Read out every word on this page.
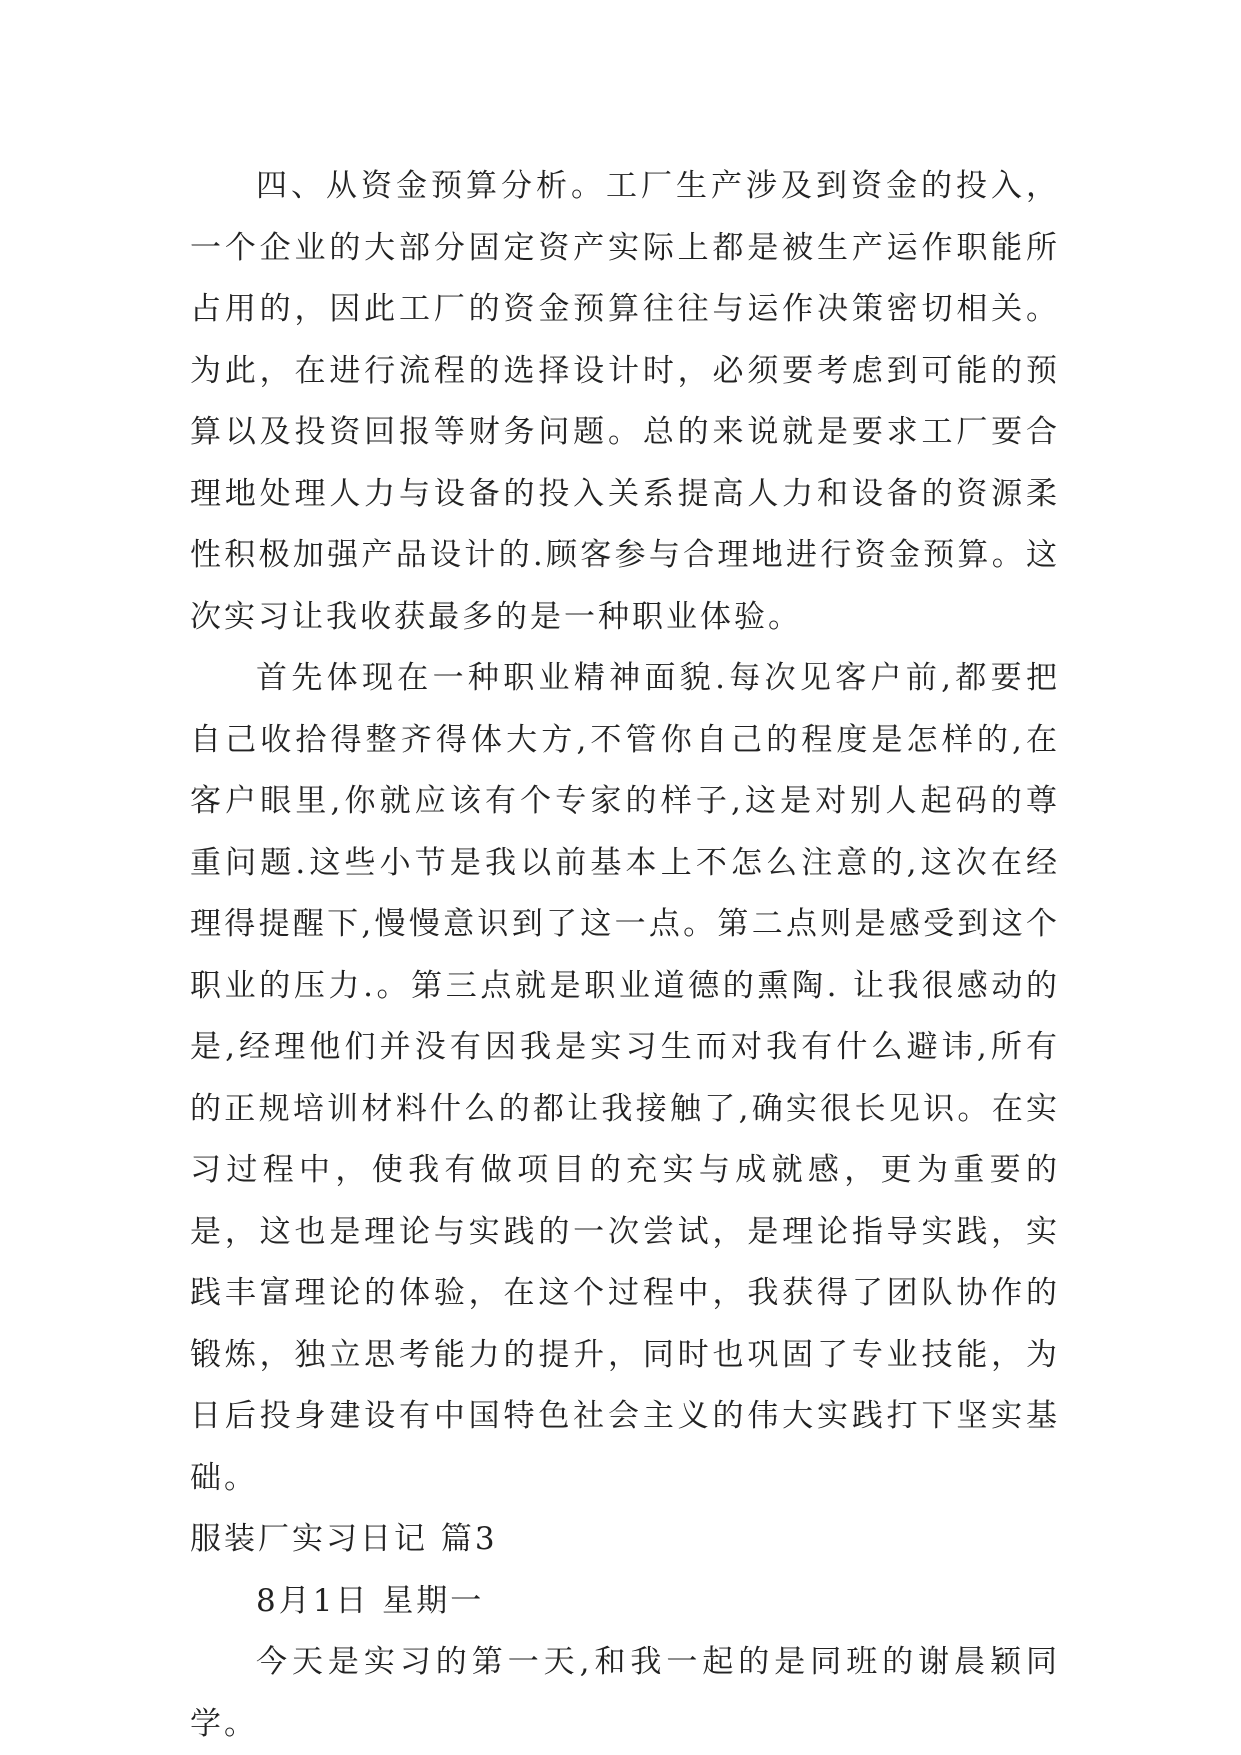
四、从资金预算分析。工厂生产涉及到资金的投入，一个企业的大部分固定资产实际上都是被生产运作职能所占用的，因此工厂的资金预算往往与运作决策密切相关。为此，在进行流程的选择设计时，必须要考虑到可能的预算以及投资回报等财务问题。总的来说就是要求工厂要合理地处理人力与设备的投入关系提高人力和设备的资源柔性积极加强产品设计的.顾客参与合理地进行资金预算。这次实习让我收获最多的是一种职业体验。

首先体现在一种职业精神面貌.每次见客户前,都要把自己收拾得整齐得体大方,不管你自己的程度是怎样的,在客户眼里,你就应该有个专家的样子,这是对别人起码的尊重问题.这些小节是我以前基本上不怎么注意的,这次在经理得提醒下,慢慢意识到了这一点。第二点则是感受到这个职业的压力.。第三点就是职业道德的熏陶. 让我很感动的是,经理他们并没有因我是实习生而对我有什么避讳,所有的正规培训材料什么的都让我接触了,确实很长见识。在实习过程中，使我有做项目的充实与成就感，更为重要的是，这也是理论与实践的一次尝试，是理论指导实践，实践丰富理论的体验，在这个过程中，我获得了团队协作的锻炼，独立思考能力的提升，同时也巩固了专业技能，为日后投身建设有中国特色社会主义的伟大实践打下坚实基础。

服装厂实习日记 篇3

8月1日 星期一

今天是实习的第一天,和我一起的是同班的谢晨颖同学。
